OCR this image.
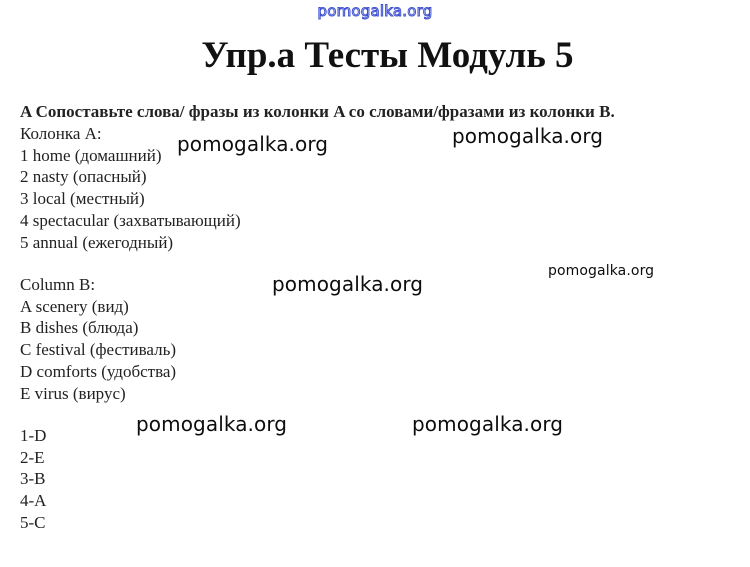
pomogalka.org
Упр.a Тесты Модуль 5
A Сопоставьте слова/ фразы из колонки A со словами/фразами из колонки B.
Колонка A:
1 home (домашний)
2 nasty (опасный)
3 local (местный)
4 spectacular (захватывающий)
5 annual (ежегодный)
Column B:
A scenery (вид)
B dishes (блюда)
C festival (фестиваль)
D comforts (удобства)
E virus (вирус)
1-D
2-E
3-B
4-A
5-C
pomogalka.org	pomogalka.org
pomogalka.org
pomogalka.org
pomogalka.org	pomogalka.org
